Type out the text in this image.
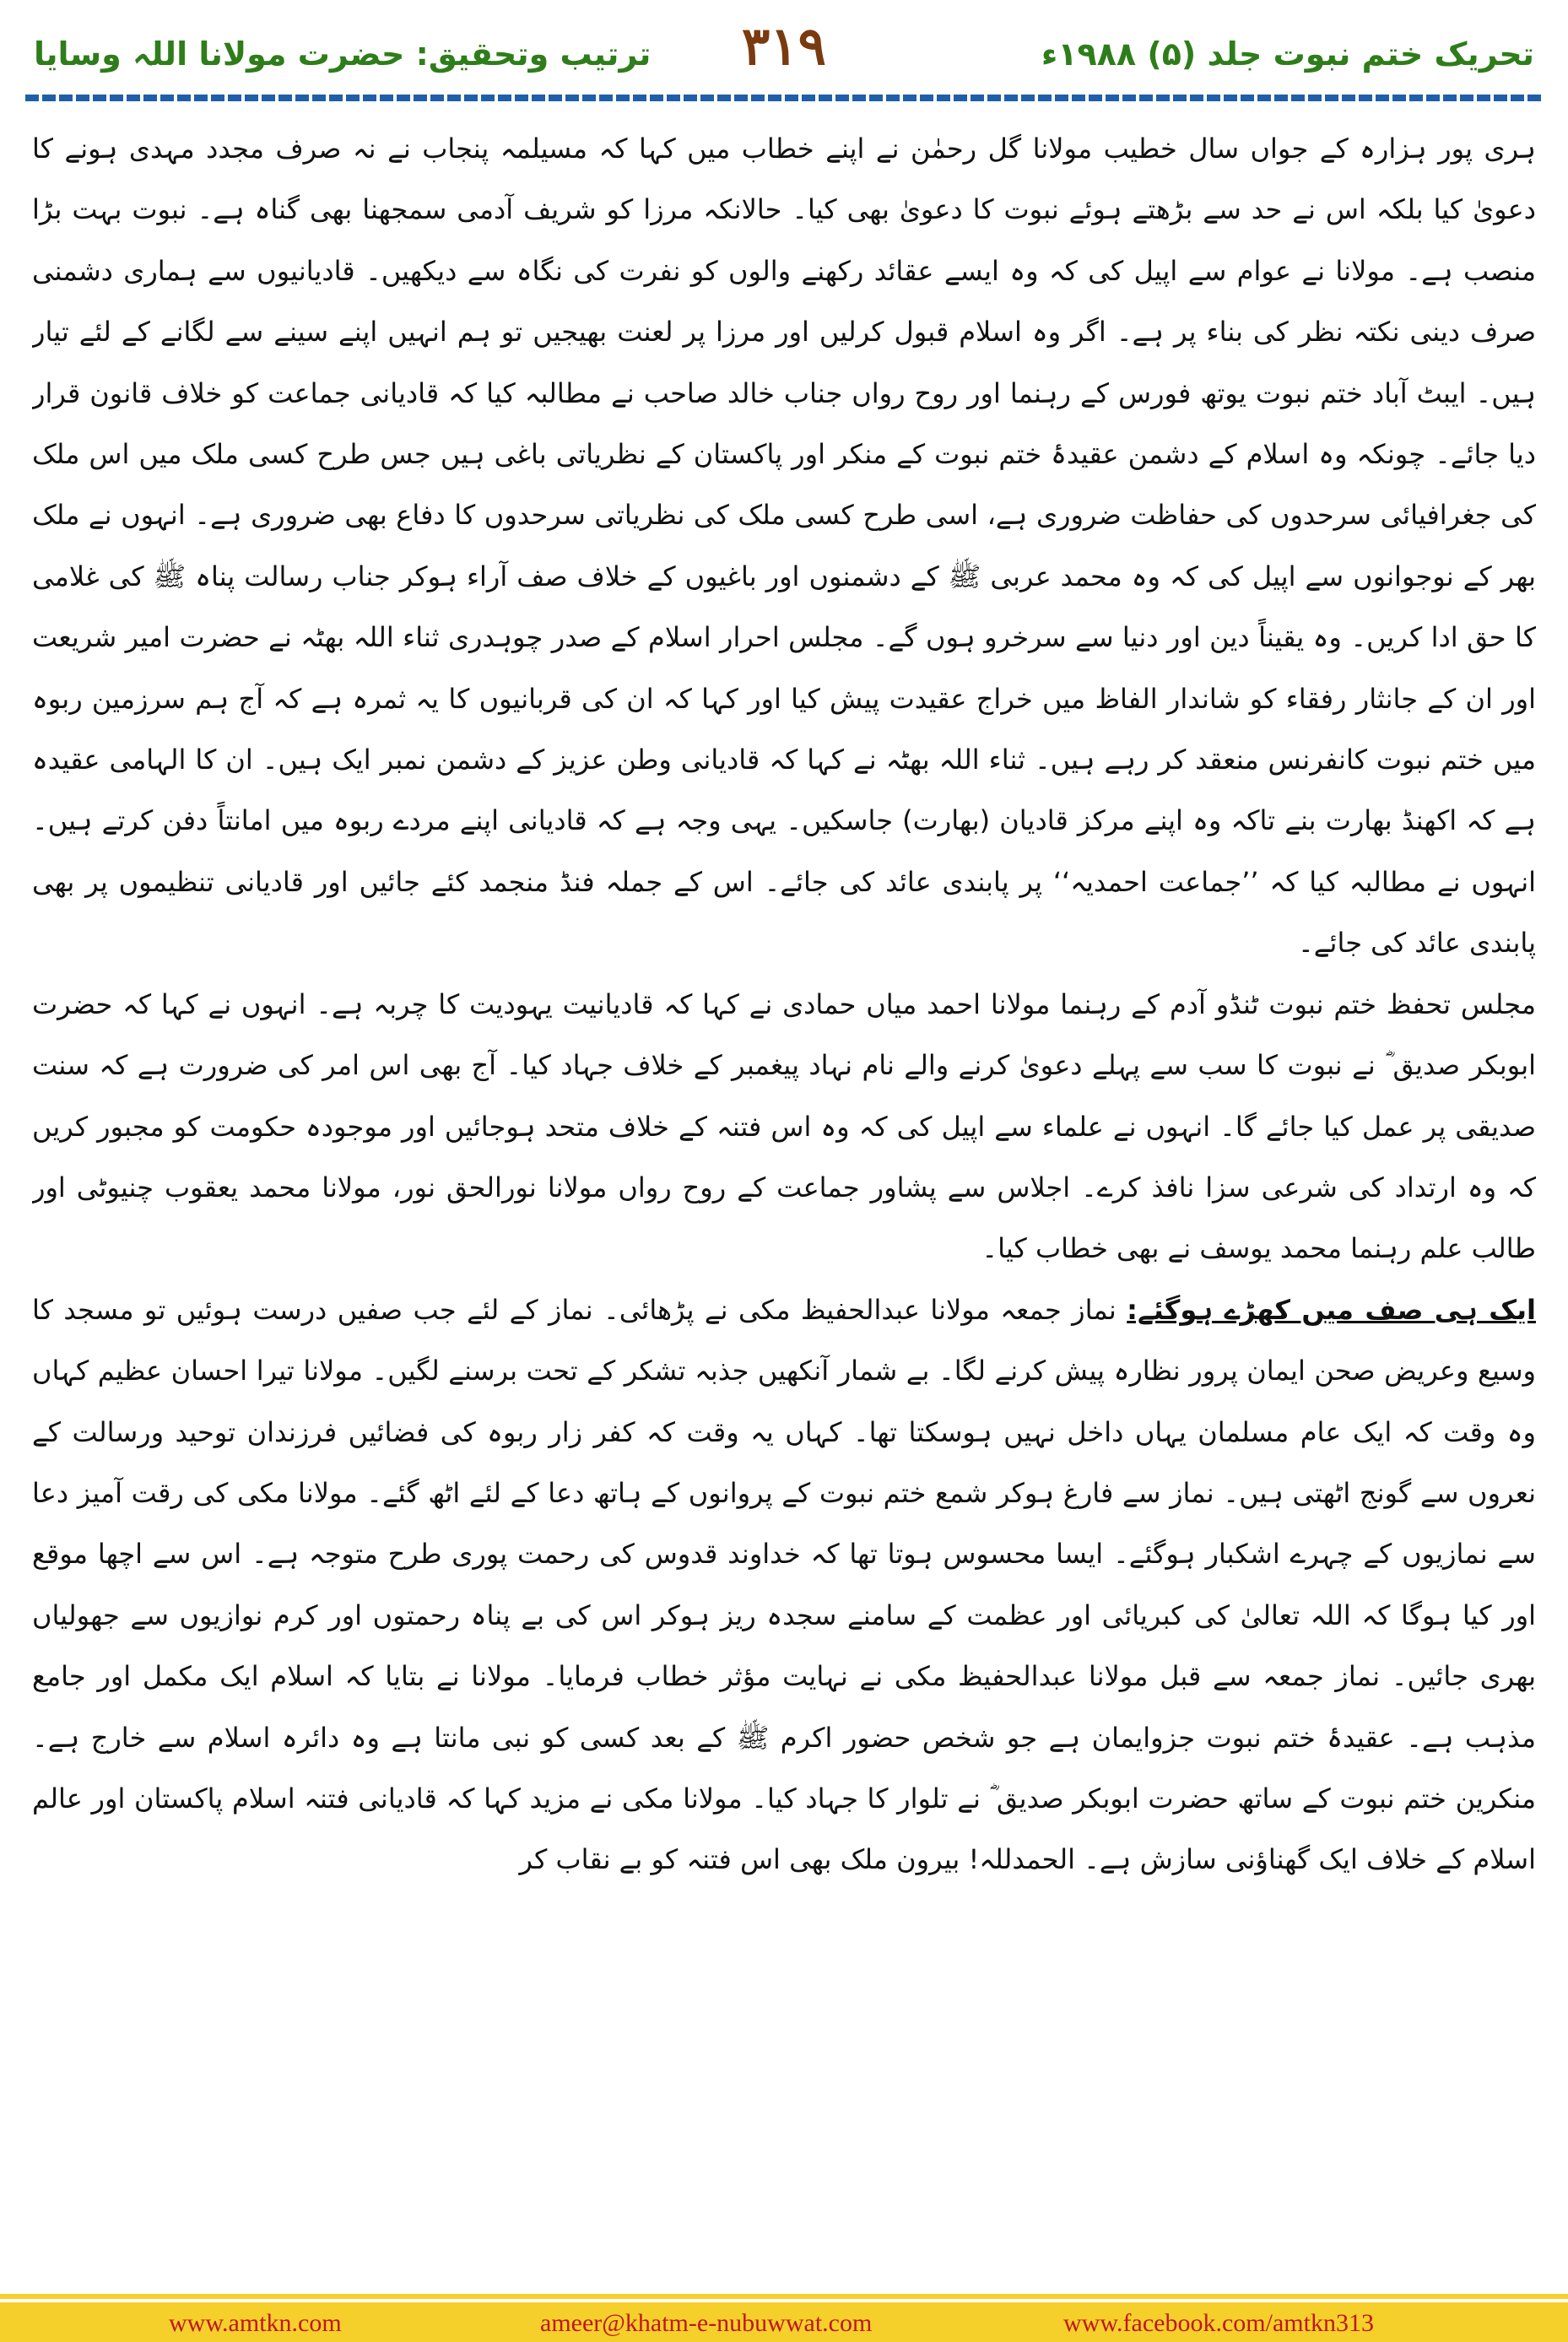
ترتیب وتحقیق: حضرت مولانا اللہ وسایا	۳۱۹	تحریک ختم نبوت جلد (۵) ۱۹۸۸ء

ہری پور ہزارہ کے جواں سال خطیب مولانا گل رحمٰن نے اپنے خطاب میں کہا کہ مسیلمہ پنجاب نے نہ صرف مجدد مہدی ہونے کا دعویٰ کیا بلکہ اس نے حد سے بڑھتے ہوئے نبوت کا دعویٰ بھی کیا۔ حالانکہ مرزا کو شریف آدمی سمجھنا بھی گناہ ہے۔ نبوت بہت بڑا منصب ہے۔ مولانا نے عوام سے اپیل کی کہ وہ ایسے عقائد رکھنے والوں کو نفرت کی نگاہ سے دیکھیں۔ قادیانیوں سے ہماری دشمنی صرف دینی نکتہ نظر کی بناء پر ہے۔ اگر وہ اسلام قبول کرلیں اور مرزا پر لعنت بھیجیں تو ہم انہیں اپنے سینے سے لگانے کے لئے تیار ہیں۔ ایبٹ آباد ختم نبوت یوتھ فورس کے رہنما اور روح رواں جناب خالد صاحب نے مطالبہ کیا کہ قادیانی جماعت کو خلاف قانون قرار دیا جائے۔ چونکہ وہ اسلام کے دشمن عقیدۂ ختم نبوت کے منکر اور پاکستان کے نظریاتی باغی ہیں جس طرح کسی ملک میں اس ملک کی جغرافیائی سرحدوں کی حفاظت ضروری ہے، اسی طرح کسی ملک کی نظریاتی سرحدوں کا دفاع بھی ضروری ہے۔ انہوں نے ملک بھر کے نوجوانوں سے اپیل کی کہ وہ محمد عربی ﷺ کے دشمنوں اور باغیوں کے خلاف صف آراء ہوکر جناب رسالت پناہ ﷺ کی غلامی کا حق ادا کریں۔ وہ یقیناً دین اور دنیا سے سرخرو ہوں گے۔ مجلس احرار اسلام کے صدر چوہدری ثناء اللہ بھٹہ نے حضرت امیر شریعت اور ان کے جانثار رفقاء کو شاندار الفاظ میں خراج عقیدت پیش کیا اور کہا کہ ان کی قربانیوں کا یہ ثمرہ ہے کہ آج ہم سرزمین ربوہ میں ختم نبوت کانفرنس منعقد کر رہے ہیں۔ ثناء اللہ بھٹہ نے کہا کہ قادیانی وطن عزیز کے دشمن نمبر ایک ہیں۔ ان کا الہامی عقیدہ ہے کہ اکھنڈ بھارت بنے تاکہ وہ اپنے مرکز قادیان (بھارت) جاسکیں۔ یہی وجہ ہے کہ قادیانی اپنے مردے ربوہ میں امانتاً دفن کرتے ہیں۔ انہوں نے مطالبہ کیا کہ ’’جماعت احمدیہ‘‘ پر پابندی عائد کی جائے۔ اس کے جملہ فنڈ منجمد کئے جائیں اور قادیانی تنظیموں پر بھی پابندی عائد کی جائے۔

مجلس تحفظ ختم نبوت ٹنڈو آدم کے رہنما مولانا احمد میاں حمادی نے کہا کہ قادیانیت یہودیت کا چربہ ہے۔ انہوں نے کہا کہ حضرت ابوبکر صدیق ؓ نے نبوت کا سب سے پہلے دعویٰ کرنے والے نام نہاد پیغمبر کے خلاف جہاد کیا۔ آج بھی اس امر کی ضرورت ہے کہ سنت صدیقی پر عمل کیا جائے گا۔ انہوں نے علماء سے اپیل کی کہ وہ اس فتنہ کے خلاف متحد ہوجائیں اور موجودہ حکومت کو مجبور کریں کہ وہ ارتداد کی شرعی سزا نافذ کرے۔ اجلاس سے پشاور جماعت کے روح رواں مولانا نورالحق نور، مولانا محمد یعقوب چنیوٹی اور طالب علم رہنما محمد یوسف نے بھی خطاب کیا۔

ایک ہی صف میں کھڑے ہوگئے: نماز جمعہ مولانا عبدالحفیظ مکی نے پڑھائی۔ نماز کے لئے جب صفیں درست ہوئیں تو مسجد کا وسیع وعریض صحن ایمان پرور نظارہ پیش کرنے لگا۔ بے شمار آنکھیں جذبہ تشکر کے تحت برسنے لگیں۔ مولانا تیرا احسان عظیم کہاں وہ وقت کہ ایک عام مسلمان یہاں داخل نہیں ہوسکتا تھا۔ کہاں یہ وقت کہ کفر زار ربوہ کی فضائیں فرزندان توحید ورسالت کے نعروں سے گونج اٹھتی ہیں۔ نماز سے فارغ ہوکر شمع ختم نبوت کے پروانوں کے ہاتھ دعا کے لئے اٹھ گئے۔ مولانا مکی کی رقت آمیز دعا سے نمازیوں کے چہرے اشکبار ہوگئے۔ ایسا محسوس ہوتا تھا کہ خداوند قدوس کی رحمت پوری طرح متوجہ ہے۔ اس سے اچھا موقع اور کیا ہوگا کہ اللہ تعالیٰ کی کبریائی اور عظمت کے سامنے سجدہ ریز ہوکر اس کی بے پناہ رحمتوں اور کرم نوازیوں سے جھولیاں بھری جائیں۔ نماز جمعہ سے قبل مولانا عبدالحفیظ مکی نے نہایت مؤثر خطاب فرمایا۔ مولانا نے بتایا کہ اسلام ایک مکمل اور جامع مذہب ہے۔ عقیدۂ ختم نبوت جزوایمان ہے جو شخص حضور اکرم ﷺ کے بعد کسی کو نبی مانتا ہے وہ دائرہ اسلام سے خارج ہے۔ منکرین ختم نبوت کے ساتھ حضرت ابوبکر صدیق ؓ نے تلوار کا جہاد کیا۔ مولانا مکی نے مزید کہا کہ قادیانی فتنہ اسلام پاکستان اور عالم اسلام کے خلاف ایک گھناؤنی سازش ہے۔ الحمدللہ! بیرون ملک بھی اس فتنہ کو بے نقاب کر

www.amtkn.com	ameer@khatm-e-nubuwwat.com	www.facebook.com/amtkn313
